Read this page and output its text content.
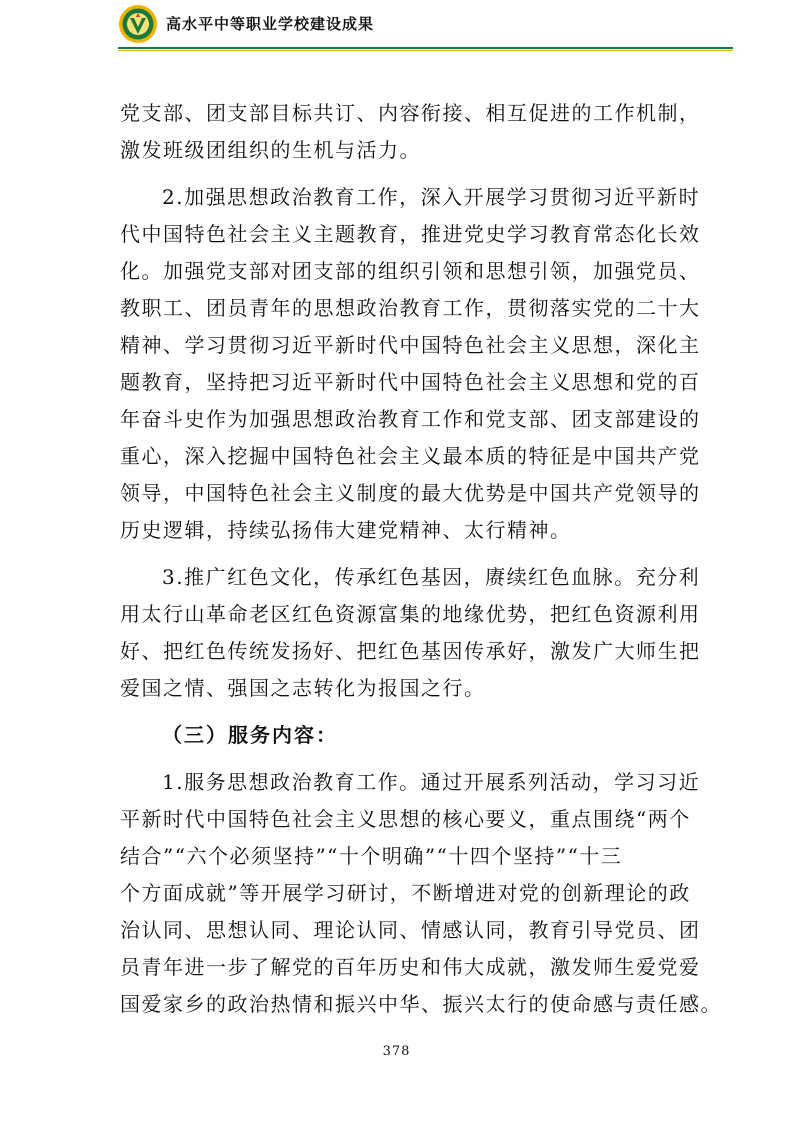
高水平中等职业学校建设成果
党支部、团支部目标共订、内容衔接、相互促进的工作机制，
激发班级团组织的生机与活力。
2.加强思想政治教育工作，深入开展学习贯彻习近平新时
代中国特色社会主义主题教育，推进党史学习教育常态化长效
化。加强党支部对团支部的组织引领和思想引领，加强党员、
教职工、团员青年的思想政治教育工作，贯彻落实党的二十大
精神、学习贯彻习近平新时代中国特色社会主义思想，深化主
题教育，坚持把习近平新时代中国特色社会主义思想和党的百
年奋斗史作为加强思想政治教育工作和党支部、团支部建设的
重心，深入挖掘中国特色社会主义最本质的特征是中国共产党
领导，中国特色社会主义制度的最大优势是中国共产党领导的
历史逻辑，持续弘扬伟大建党精神、太行精神。
3.推广红色文化，传承红色基因，赓续红色血脉。充分利
用太行山革命老区红色资源富集的地缘优势，把红色资源利用
好、把红色传统发扬好、把红色基因传承好，激发广大师生把
爱国之情、强国之志转化为报国之行。
（三）服务内容：
1.服务思想政治教育工作。通过开展系列活动，学习习近
平新时代中国特色社会主义思想的核心要义，重点围绕“两个
结合”“六个必须坚持”“十个明确”“十四个坚持”“十三
个方面成就”等开展学习研讨，不断增进对党的创新理论的政
治认同、思想认同、理论认同、情感认同，教育引导党员、团
员青年进一步了解党的百年历史和伟大成就，激发师生爱党爱
国爱家乡的政治热情和振兴中华、振兴太行的使命感与责任感。
378
